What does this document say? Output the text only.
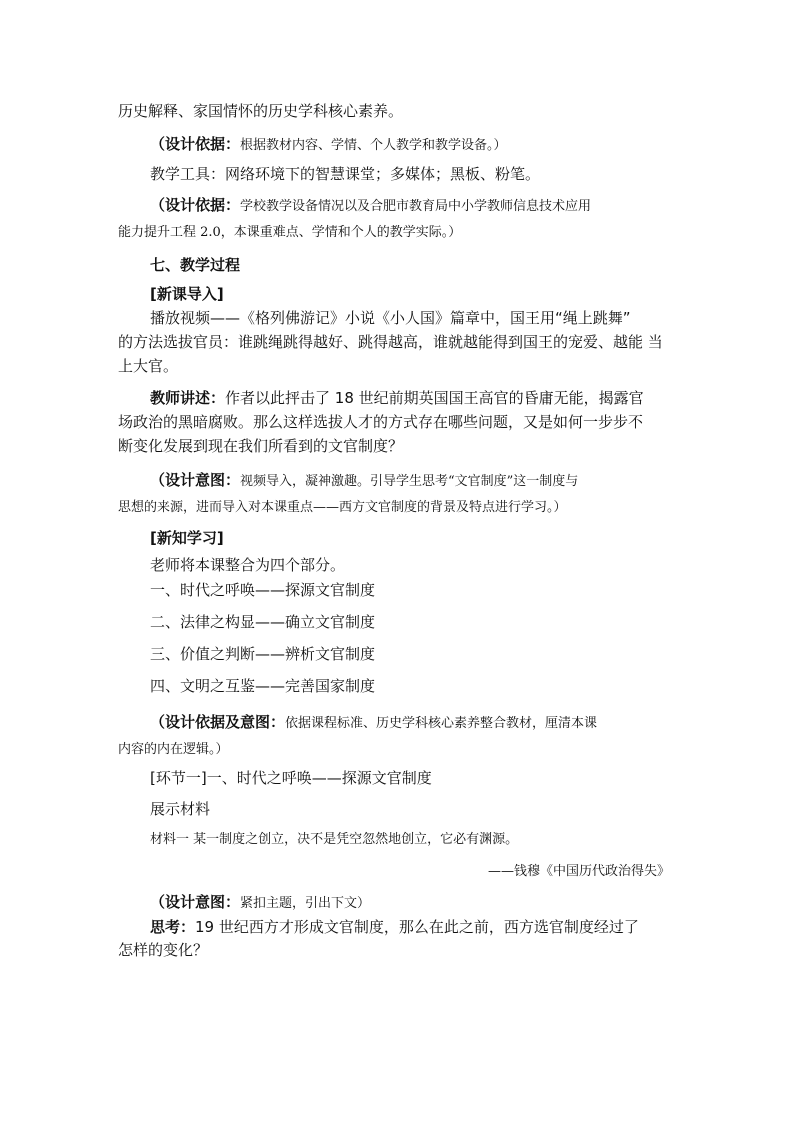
历史解释、家国情怀的历史学科核心素养。
（设计依据：根据教材内容、学情、个人教学和教学设备。）
教学工具：网络环境下的智慧课堂；多媒体；黑板、粉笔。
（设计依据：学校教学设备情况以及合肥市教育局中小学教师信息技术应用
能力提升工程 2.0，本课重难点、学情和个人的教学实际。）
七、教学过程
[新课导入]
播放视频——《格列佛游记》小说《小人国》篇章中，国王用“绳上跳舞”
的方法选拔官员：谁跳绳跳得越好、跳得越高，谁就越能得到国王的宠爱、越能 当
上大官。
教师讲述：作者以此抨击了 18 世纪前期英国国王高官的昏庸无能，揭露官
场政治的黑暗腐败。那么这样选拔人才的方式存在哪些问题，又是如何一步步不
断变化发展到现在我们所看到的文官制度？
（设计意图：视频导入，凝神激趣。引导学生思考“文官制度”这一制度与
思想的来源，进而导入对本课重点——西方文官制度的背景及特点进行学习。）
[新知学习]
老师将本课整合为四个部分。
一、时代之呼唤——探源文官制度
二、法律之构显——确立文官制度
三、价值之判断——辨析文官制度
四、文明之互鉴——完善国家制度
（设计依据及意图：依据课程标准、历史学科核心素养整合教材，厘清本课
内容的内在逻辑。）
[环节一]一、时代之呼唤——探源文官制度
展示材料
材料一 某一制度之创立，决不是凭空忽然地创立，它必有渊源。
——钱穆《中国历代政治得失》
（设计意图：紧扣主题，引出下文）
思考：19 世纪西方才形成文官制度，那么在此之前，西方选官制度经过了
怎样的变化？
